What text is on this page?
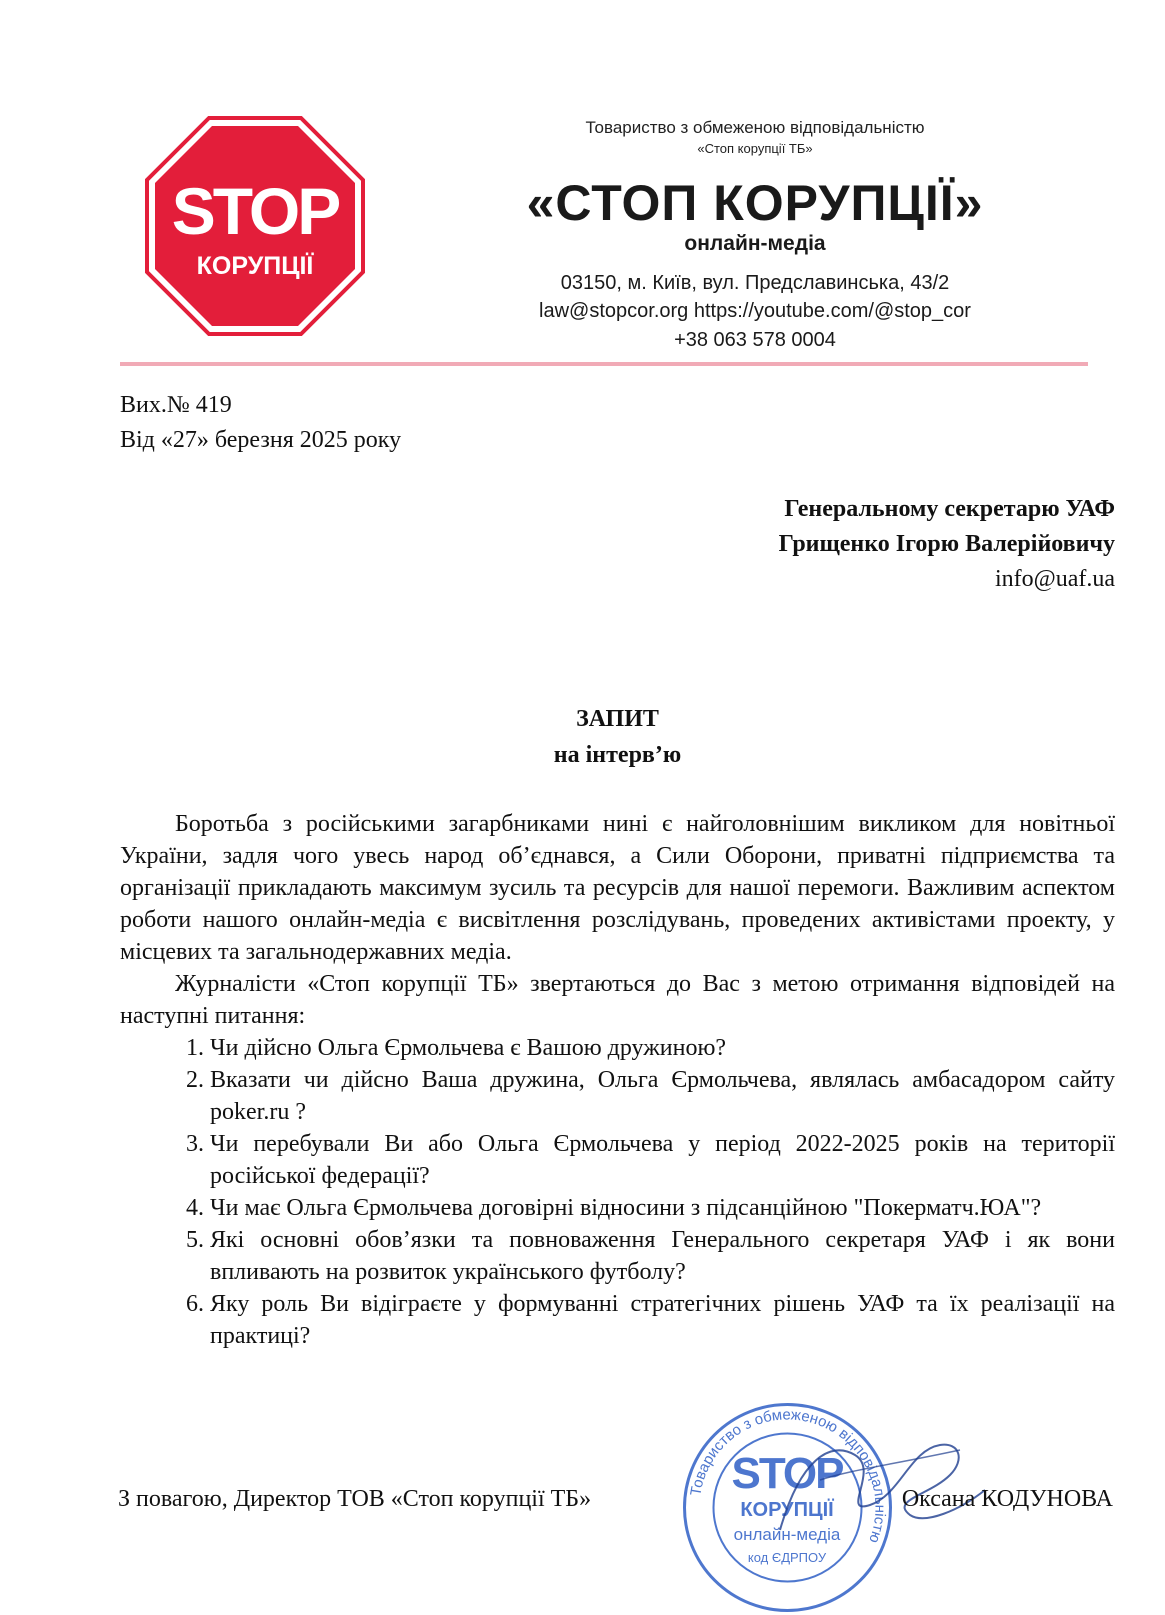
STOP
КОРУПЦІЇ
Товариство з обмеженою відповідальністю
«Стоп корупції ТБ»
«СТОП КОРУПЦІЇ»
онлайн-медіа
03150, м. Київ, вул. Предславинська, 43/2
law@stopcor.org https://youtube.com/@stop_cor
+38 063 578 0004
Вих.№ 419
Від «27» березня 2025 року
Генеральному секретарю УАФ
Грищенко Ігорю Валерійовичу
info@uaf.ua
ЗАПИТ
на інтерв’ю

Боротьба з російськими загарбниками нині є найголовнішим викликом для новітньої України, задля чого увесь народ об’єднався, а Сили Оборони, приватні підприємства та організації прикладають максимум зусиль та ресурсів для нашої перемоги. Важливим аспектом роботи нашого онлайн-медіа є висвітлення розслідувань, проведених активістами проекту, у місцевих та загальнодержавних медіа.

Журналісти «Стоп корупції ТБ» звертаються до Вас з метою отримання відповідей на наступні питання:

1. Чи дійсно Ольга Єрмольчева є Вашою дружиною?
2. Вказати чи дійсно Ваша дружина, Ольга Єрмольчева, являлась амбасадором сайту poker.ru ?
3. Чи перебували Ви або Ольга Єрмольчева у період 2022-2025 років на території російської федерації?
4. Чи має Ольга Єрмольчева договірні відносини з підсанційною "Покерматч.ЮА"?
5. Які основні обов’язки та повноваження Генерального секретаря УАФ і як вони впливають на розвиток українського футболу?
6. Яку роль Ви відіграєте у формуванні стратегічних рішень УАФ та їх реалізації на практиці?
Товариство з обмеженою відповідальністю
STOP
КОРУПЦІЇ
онлайн-медіа
код ЄДРПОУ
З повагою, Директор ТОВ «Стоп корупції ТБ»	Оксана КОДУНОВА
